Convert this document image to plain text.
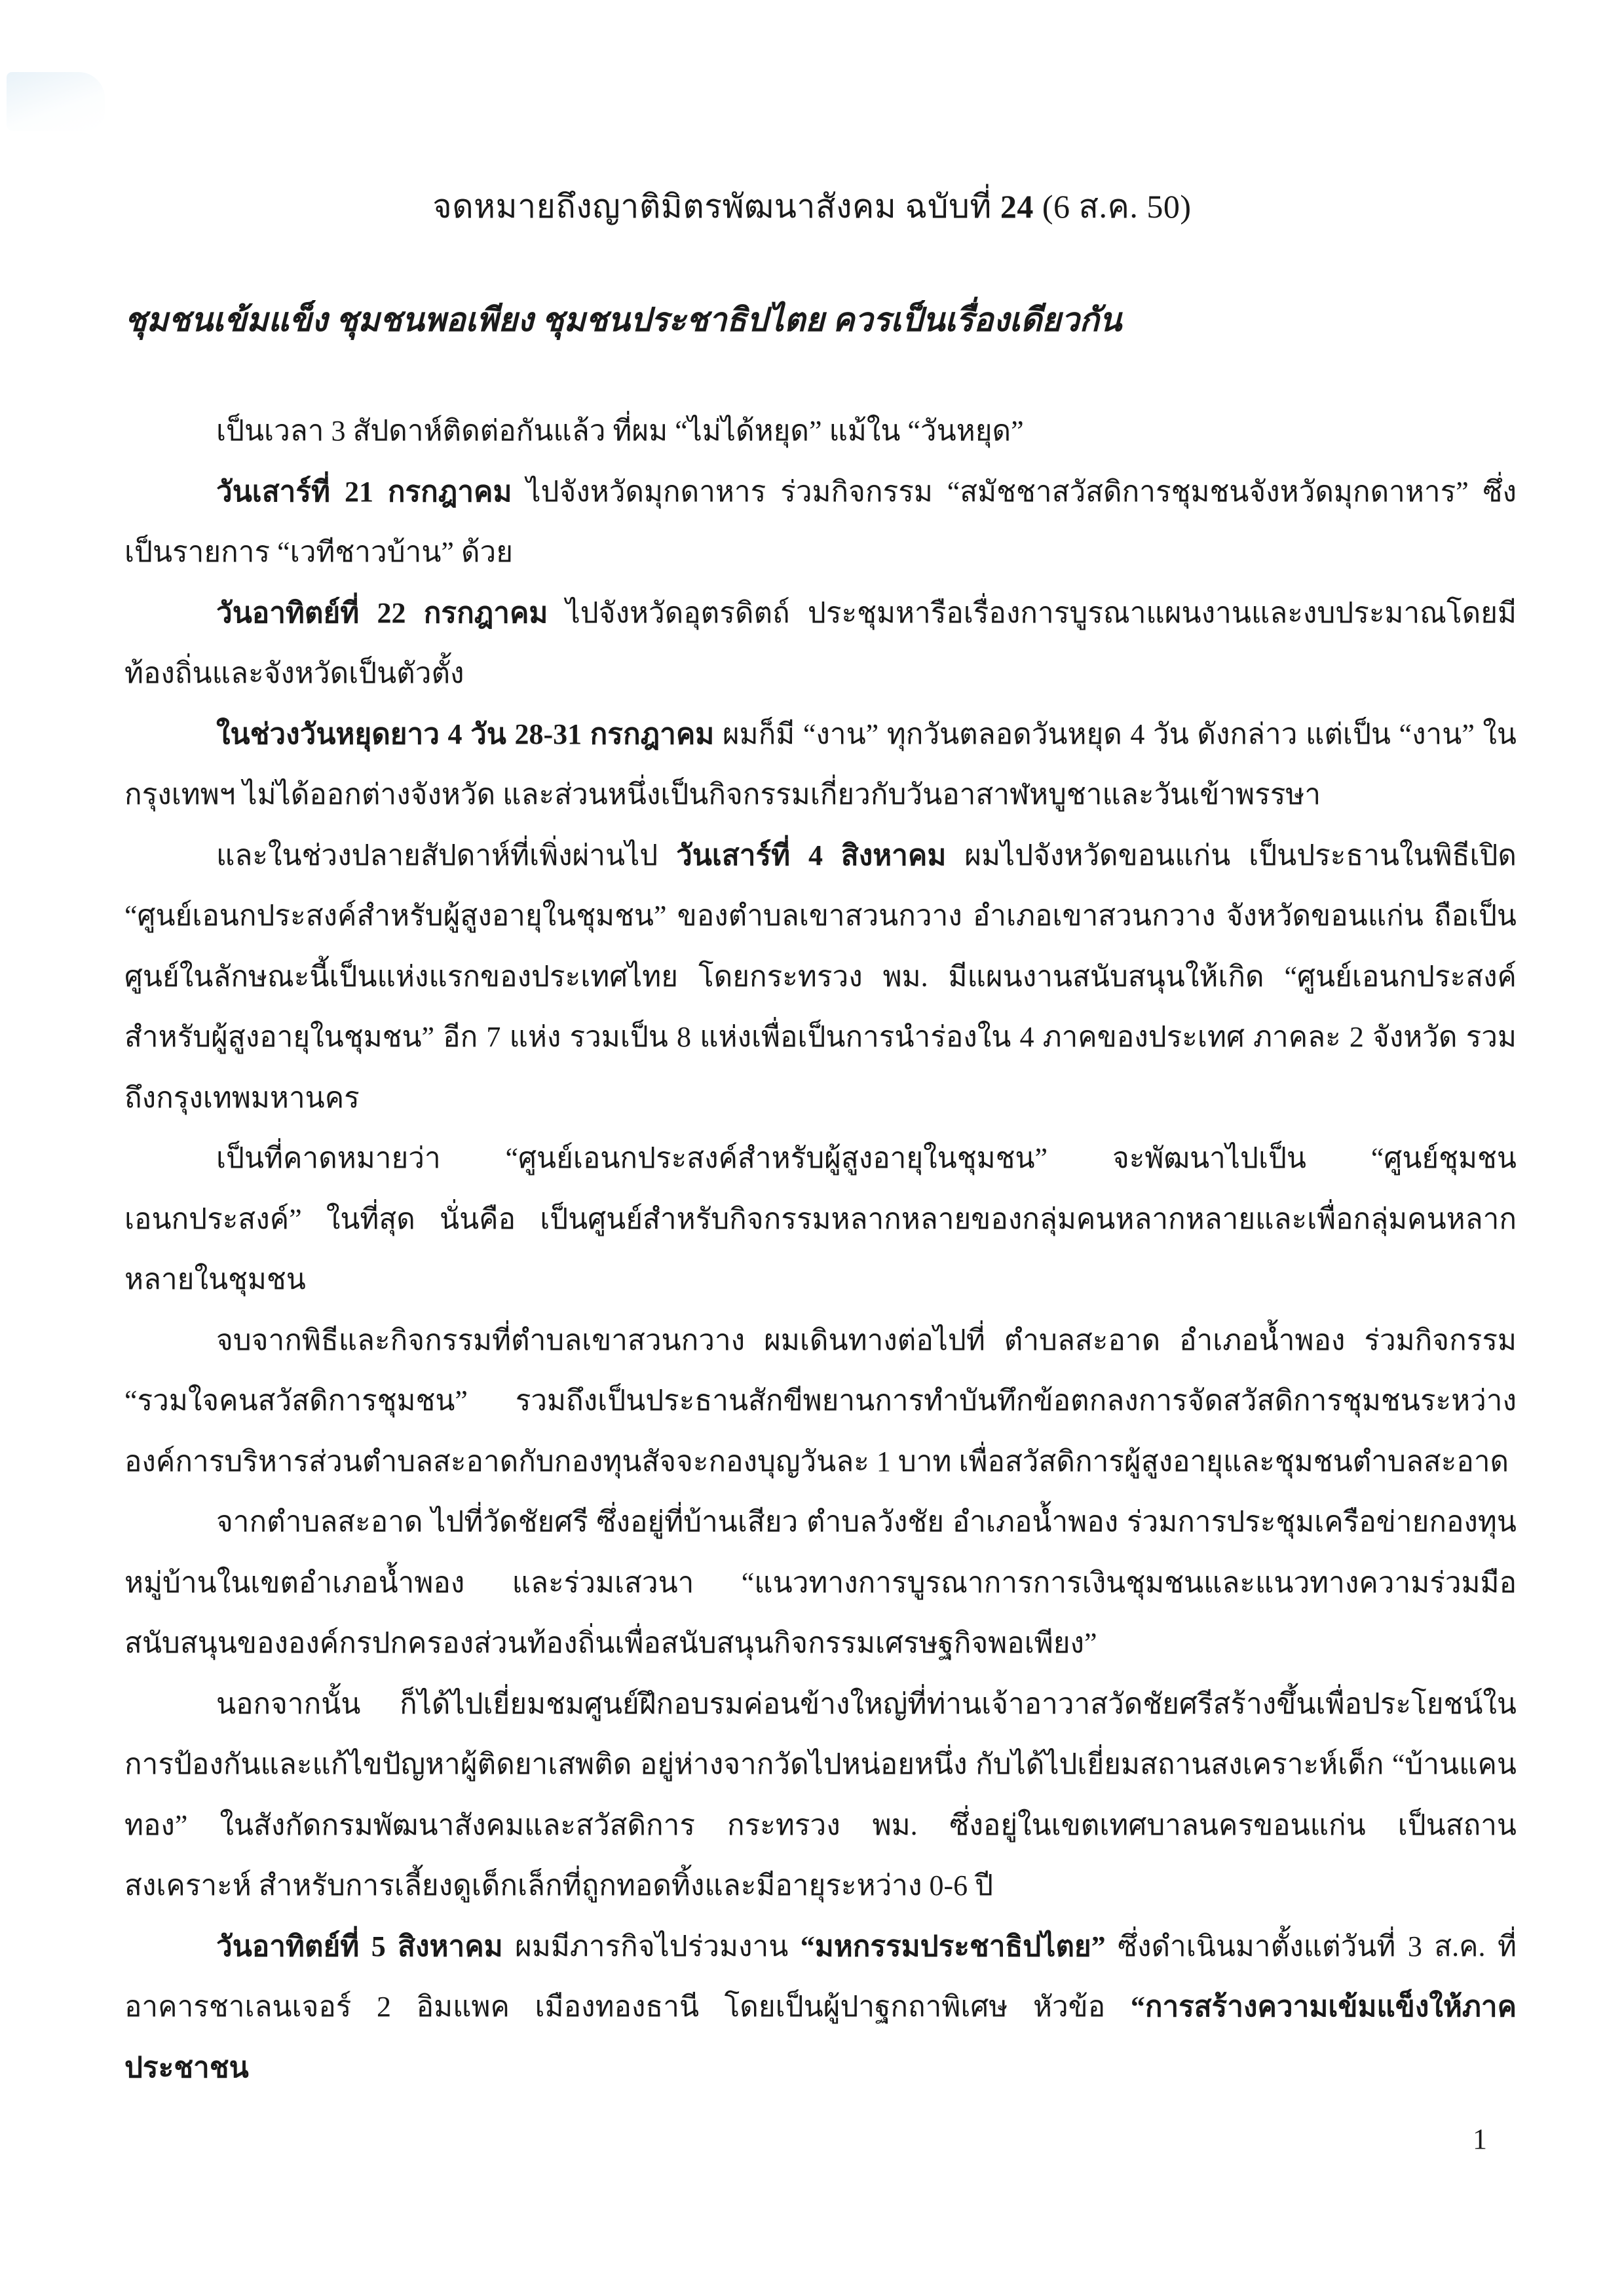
จดหมายถึงญาติมิตรพัฒนาสังคม ฉบับที่ 24 (6 ส.ค. 50)
ชุมชนเข้มแข็ง ชุมชนพอเพียง ชุมชนประชาธิปไตย ควรเป็นเรื่องเดียวกัน

เป็นเวลา 3 สัปดาห์ติดต่อกันแล้ว ที่ผม “ไม่ได้หยุด” แม้ใน “วันหยุด”

วันเสาร์ที่ 21 กรกฎาคม ไปจังหวัดมุกดาหาร ร่วมกิจกรรม “สมัชชาสวัสดิการชุมชนจังหวัดมุกดาหาร” ซึ่งเป็นรายการ “เวทีชาวบ้าน” ด้วย

วันอาทิตย์ที่ 22 กรกฎาคม ไปจังหวัดอุตรดิตถ์ ประชุมหารือเรื่องการบูรณาแผนงานและงบประมาณโดยมีท้องถิ่นและจังหวัดเป็นตัวตั้ง

ในช่วงวันหยุดยาว 4 วัน 28-31 กรกฎาคม ผมก็มี “งาน” ทุกวันตลอดวันหยุด 4 วัน ดังกล่าว แต่เป็น “งาน” ในกรุงเทพฯ ไม่ได้ออกต่างจังหวัด และส่วนหนึ่งเป็นกิจกรรมเกี่ยวกับวันอาสาฬหบูชาและวันเข้าพรรษา

และในช่วงปลายสัปดาห์ที่เพิ่งผ่านไป วันเสาร์ที่ 4 สิงหาคม ผมไปจังหวัดขอนแก่น เป็นประธานในพิธีเปิด “ศูนย์เอนกประสงค์สำหรับผู้สูงอายุในชุมชน” ของตำบลเขาสวนกวาง อำเภอเขาสวนกวาง จังหวัดขอนแก่น ถือเป็นศูนย์ในลักษณะนี้เป็นแห่งแรกของประเทศไทย โดยกระทรวง พม. มีแผนงานสนับสนุนให้เกิด “ศูนย์เอนกประสงค์สำหรับผู้สูงอายุในชุมชน” อีก 7 แห่ง รวมเป็น 8 แห่งเพื่อเป็นการนำร่องใน 4 ภาคของประเทศ ภาคละ 2 จังหวัด รวมถึงกรุงเทพมหานคร

เป็นที่คาดหมายว่า “ศูนย์เอนกประสงค์สำหรับผู้สูงอายุในชุมชน” จะพัฒนาไปเป็น “ศูนย์ชุมชนเอนกประสงค์” ในที่สุด นั่นคือ เป็นศูนย์สำหรับกิจกรรมหลากหลายของกลุ่มคนหลากหลายและเพื่อกลุ่มคนหลากหลายในชุมชน

จบจากพิธีและกิจกรรมที่ตำบลเขาสวนกวาง ผมเดินทางต่อไปที่ ตำบลสะอาด อำเภอน้ำพอง ร่วมกิจกรรม “รวมใจคนสวัสดิการชุมชน” รวมถึงเป็นประธานสักขีพยานการทำบันทึกข้อตกลงการจัดสวัสดิการชุมชนระหว่างองค์การบริหารส่วนตำบลสะอาดกับกองทุนสัจจะกองบุญวันละ 1 บาท เพื่อสวัสดิการผู้สูงอายุและชุมชนตำบลสะอาด

จากตำบลสะอาด ไปที่วัดชัยศรี ซึ่งอยู่ที่บ้านเสียว ตำบลวังชัย อำเภอน้ำพอง ร่วมการประชุมเครือข่ายกองทุนหมู่บ้านในเขตอำเภอน้ำพอง และร่วมเสวนา “แนวทางการบูรณาการการเงินชุมชนและแนวทางความร่วมมือสนับสนุนขององค์กรปกครองส่วนท้องถิ่นเพื่อสนับสนุนกิจกรรมเศรษฐกิจพอเพียง”

นอกจากนั้น ก็ได้ไปเยี่ยมชมศูนย์ฝึกอบรมค่อนข้างใหญ่ที่ท่านเจ้าอาวาสวัดชัยศรีสร้างขึ้นเพื่อประโยชน์ในการป้องกันและแก้ไขปัญหาผู้ติดยาเสพติด อยู่ห่างจากวัดไปหน่อยหนึ่ง กับได้ไปเยี่ยมสถานสงเคราะห์เด็ก “บ้านแคนทอง” ในสังกัดกรมพัฒนาสังคมและสวัสดิการ กระทรวง พม. ซึ่งอยู่ในเขตเทศบาลนครขอนแก่น เป็นสถานสงเคราะห์ สำหรับการเลี้ยงดูเด็กเล็กที่ถูกทอดทิ้งและมีอายุระหว่าง 0-6 ปี

วันอาทิตย์ที่ 5 สิงหาคม ผมมีภารกิจไปร่วมงาน “มหกรรมประชาธิปไตย” ซึ่งดำเนินมาตั้งแต่วันที่ 3 ส.ค. ที่อาคารชาเลนเจอร์ 2 อิมแพค เมืองทองธานี โดยเป็นผู้ปาฐกถาพิเศษ หัวข้อ “การสร้างความเข้มแข็งให้ภาคประชาชน

1
